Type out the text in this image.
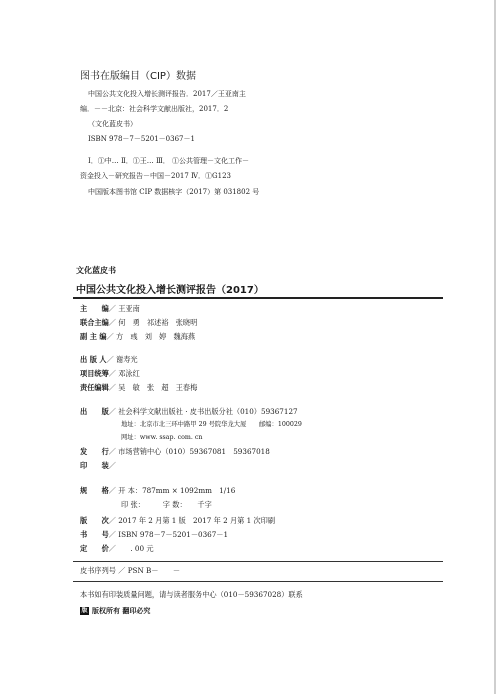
图书在版编目（CIP）数据
中国公共文化投入增长测评报告．2017／王亚南主
编．－－北京：社会科学文献出版社，2017．2
（文化蓝皮书）
ISBN 978－7－5201－0367－1
Ⅰ．①中… Ⅱ．①王… Ⅲ． ①公共管理－文化工作－
资金投入－研究报告－中国－2017 Ⅳ．①G123
中国版本图书馆 CIP 数据核字（2017）第 031802 号
文化蓝皮书
中国公共文化投入增长测评报告（2017）
主　　编／ 王亚南
联合主编／ 何　勇　祁述裕　张晓明
副 主 编／ 方　彧　刘　婷　魏海燕
出 版 人／ 谢寿光
项目统筹／ 邓泳红
责任编辑／ 吴　敏　张　超　王春梅
出　　版／ 社会科学文献出版社 · 皮书出版分社（010）59367127
地址：北京市北三环中路甲 29 号院华龙大厦　　邮编：100029
网址：www. ssap. com. cn
发　　行／ 市场营销中心（010）59367081　59367018
印　　装／
规　　格／ 开 本：787mm × 1092mm　1/16
印 张：　　　字 数：　　千字
版　　次／ 2017 年 2 月第 1 版　2017 年 2 月第 1 次印刷
书　　号／ ISBN 978－7－5201－0367－1
定　　价／　　. 00 元
皮书序列号 ／ PSN B－　　－
本书如有印装质量问题，请与读者服务中心（010－59367028）联系
版 版权所有 翻印必究
